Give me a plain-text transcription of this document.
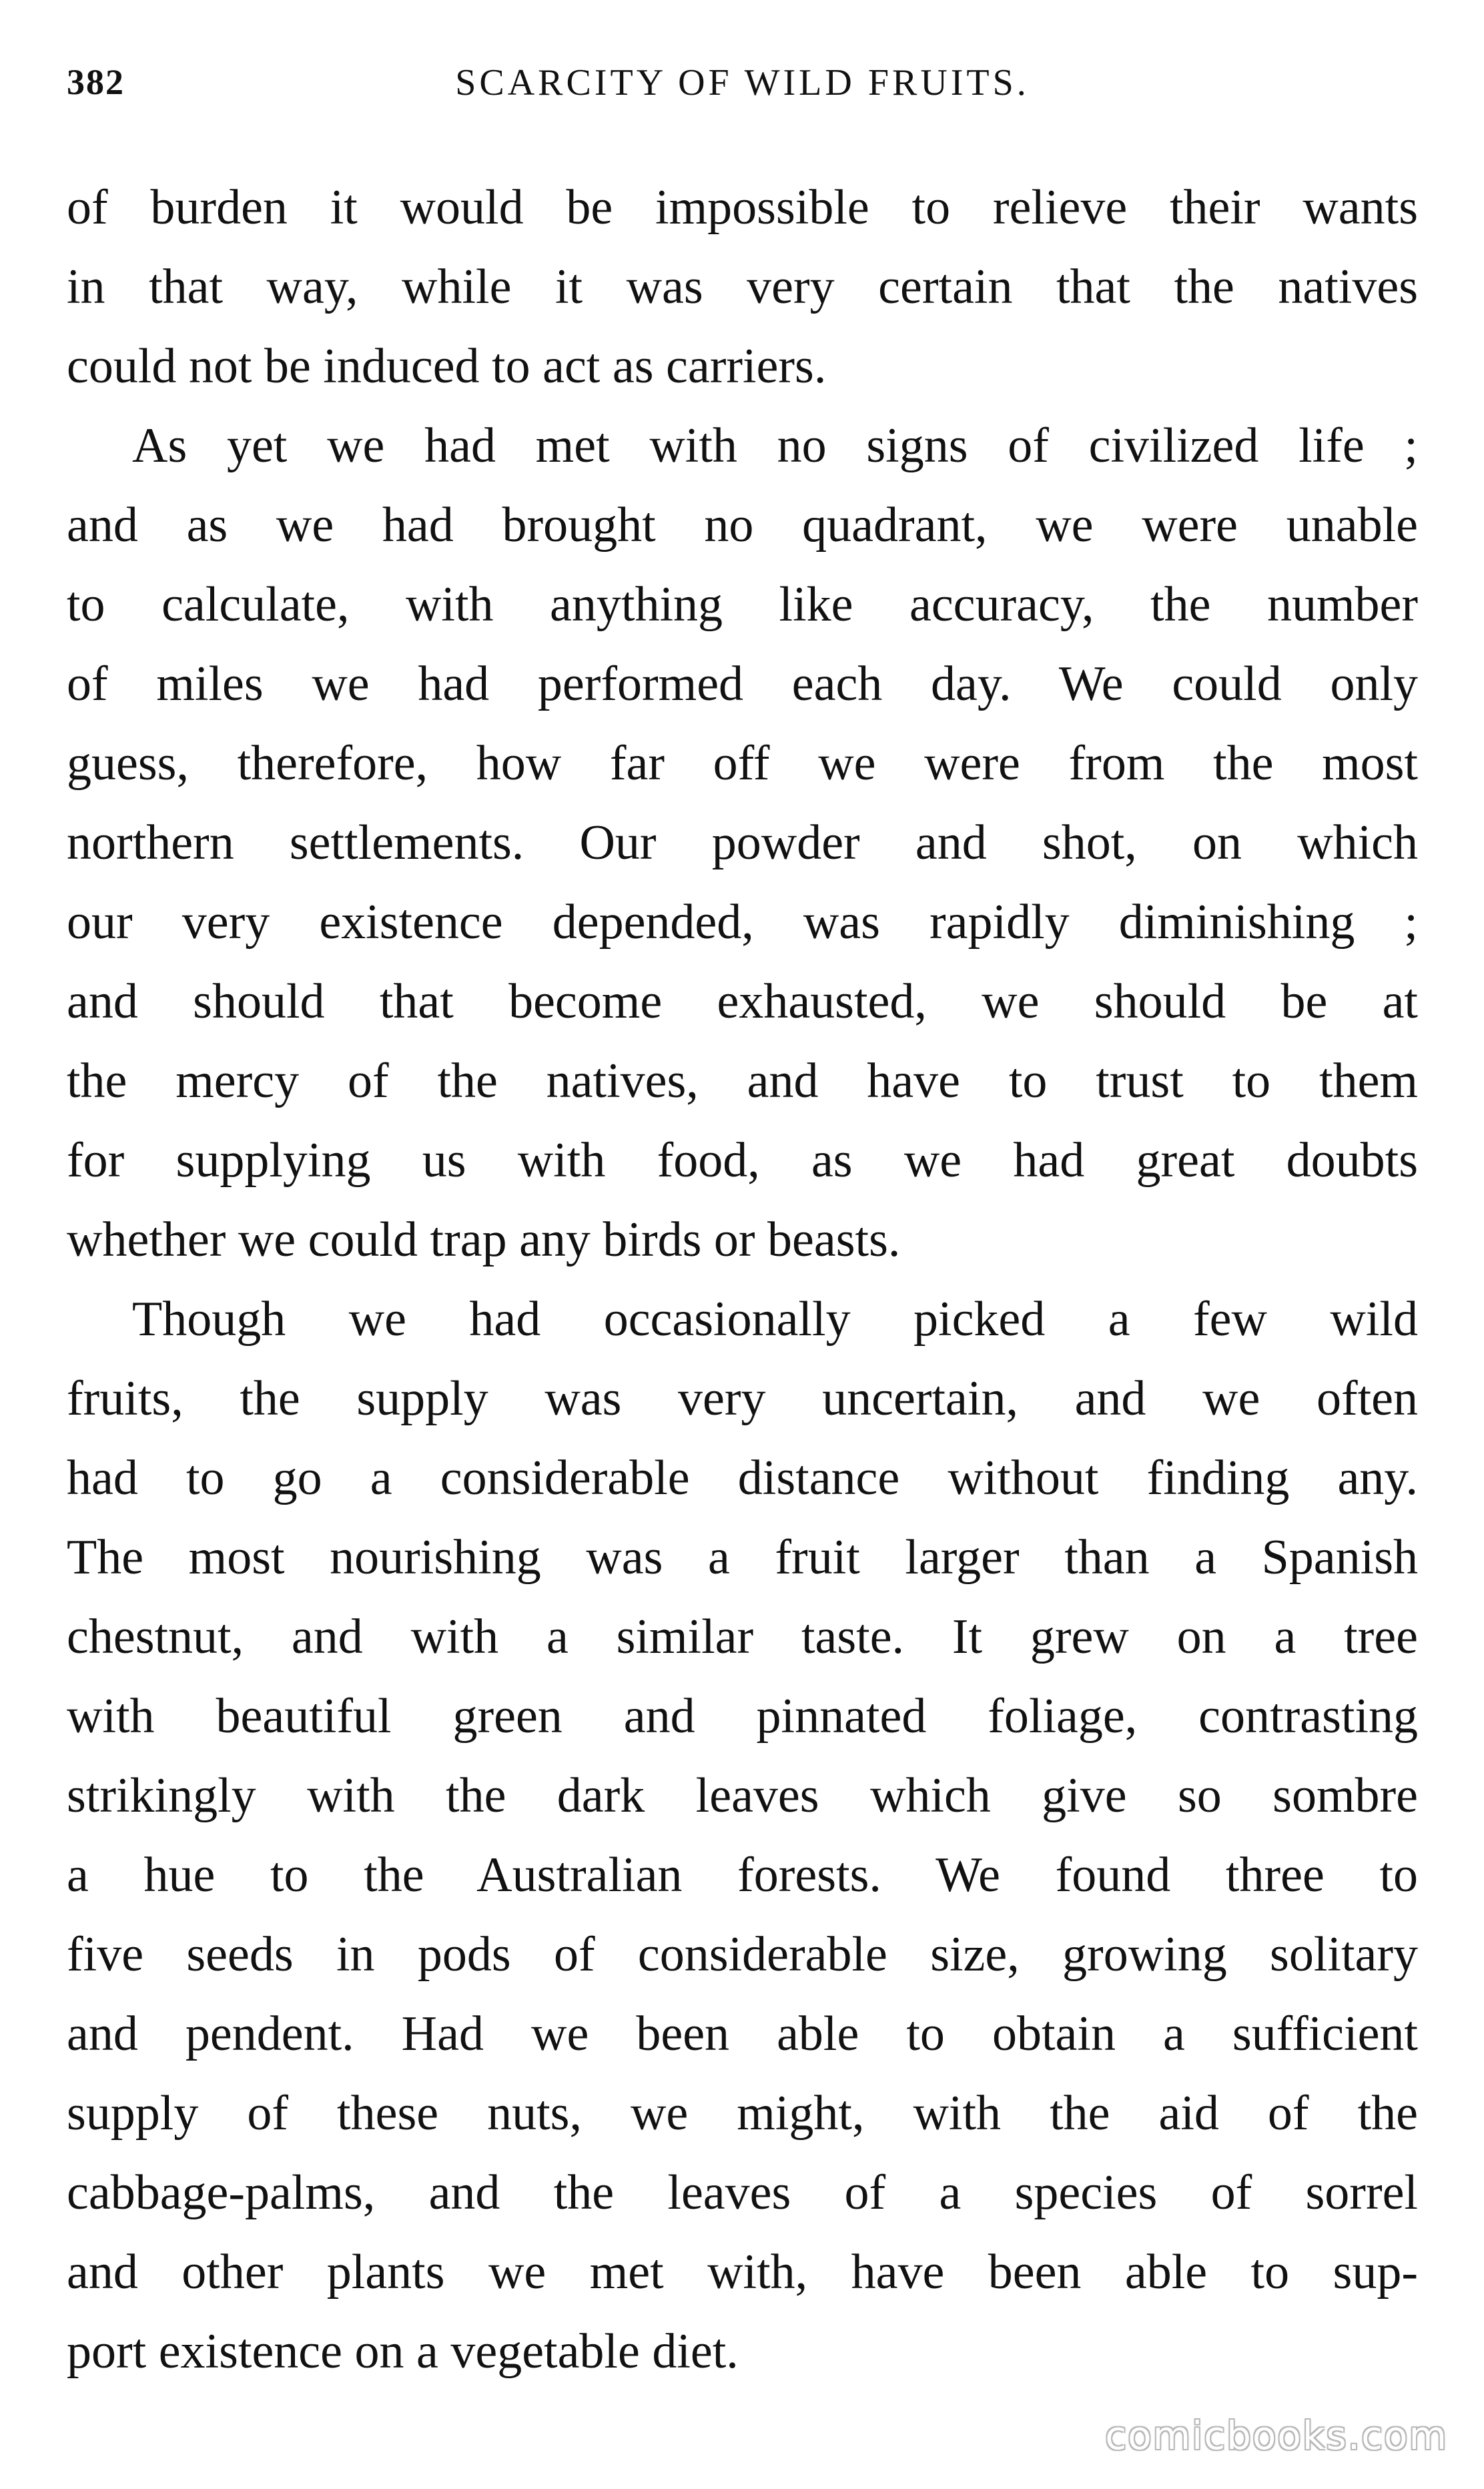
382	SCARCITY OF WILD FRUITS.
of burden it would be impossible to relieve their wants
in that way, while it was very certain that the natives
could not be induced to act as carriers.
As yet we had met with no signs of civilized life ;
and as we had brought no quadrant, we were unable
to calculate, with anything like accuracy, the number
of miles we had performed each day. We could only
guess, therefore, how far off we were from the most
northern settlements. Our powder and shot, on which
our very existence depended, was rapidly diminishing ;
and should that become exhausted, we should be at
the mercy of the natives, and have to trust to them
for supplying us with food, as we had great doubts
whether we could trap any birds or beasts.
Though we had occasionally picked a few wild
fruits, the supply was very uncertain, and we often
had to go a considerable distance without finding any.
The most nourishing was a fruit larger than a Spanish
chestnut, and with a similar taste. It grew on a tree
with beautiful green and pinnated foliage, contrasting
strikingly with the dark leaves which give so sombre
a hue to the Australian forests. We found three to
five seeds in pods of considerable size, growing solitary
and pendent. Had we been able to obtain a sufficient
supply of these nuts, we might, with the aid of the
cabbage-palms, and the leaves of a species of sorrel
and other plants we met with, have been able to sup-
port existence on a vegetable diet.
comicbooks.com
